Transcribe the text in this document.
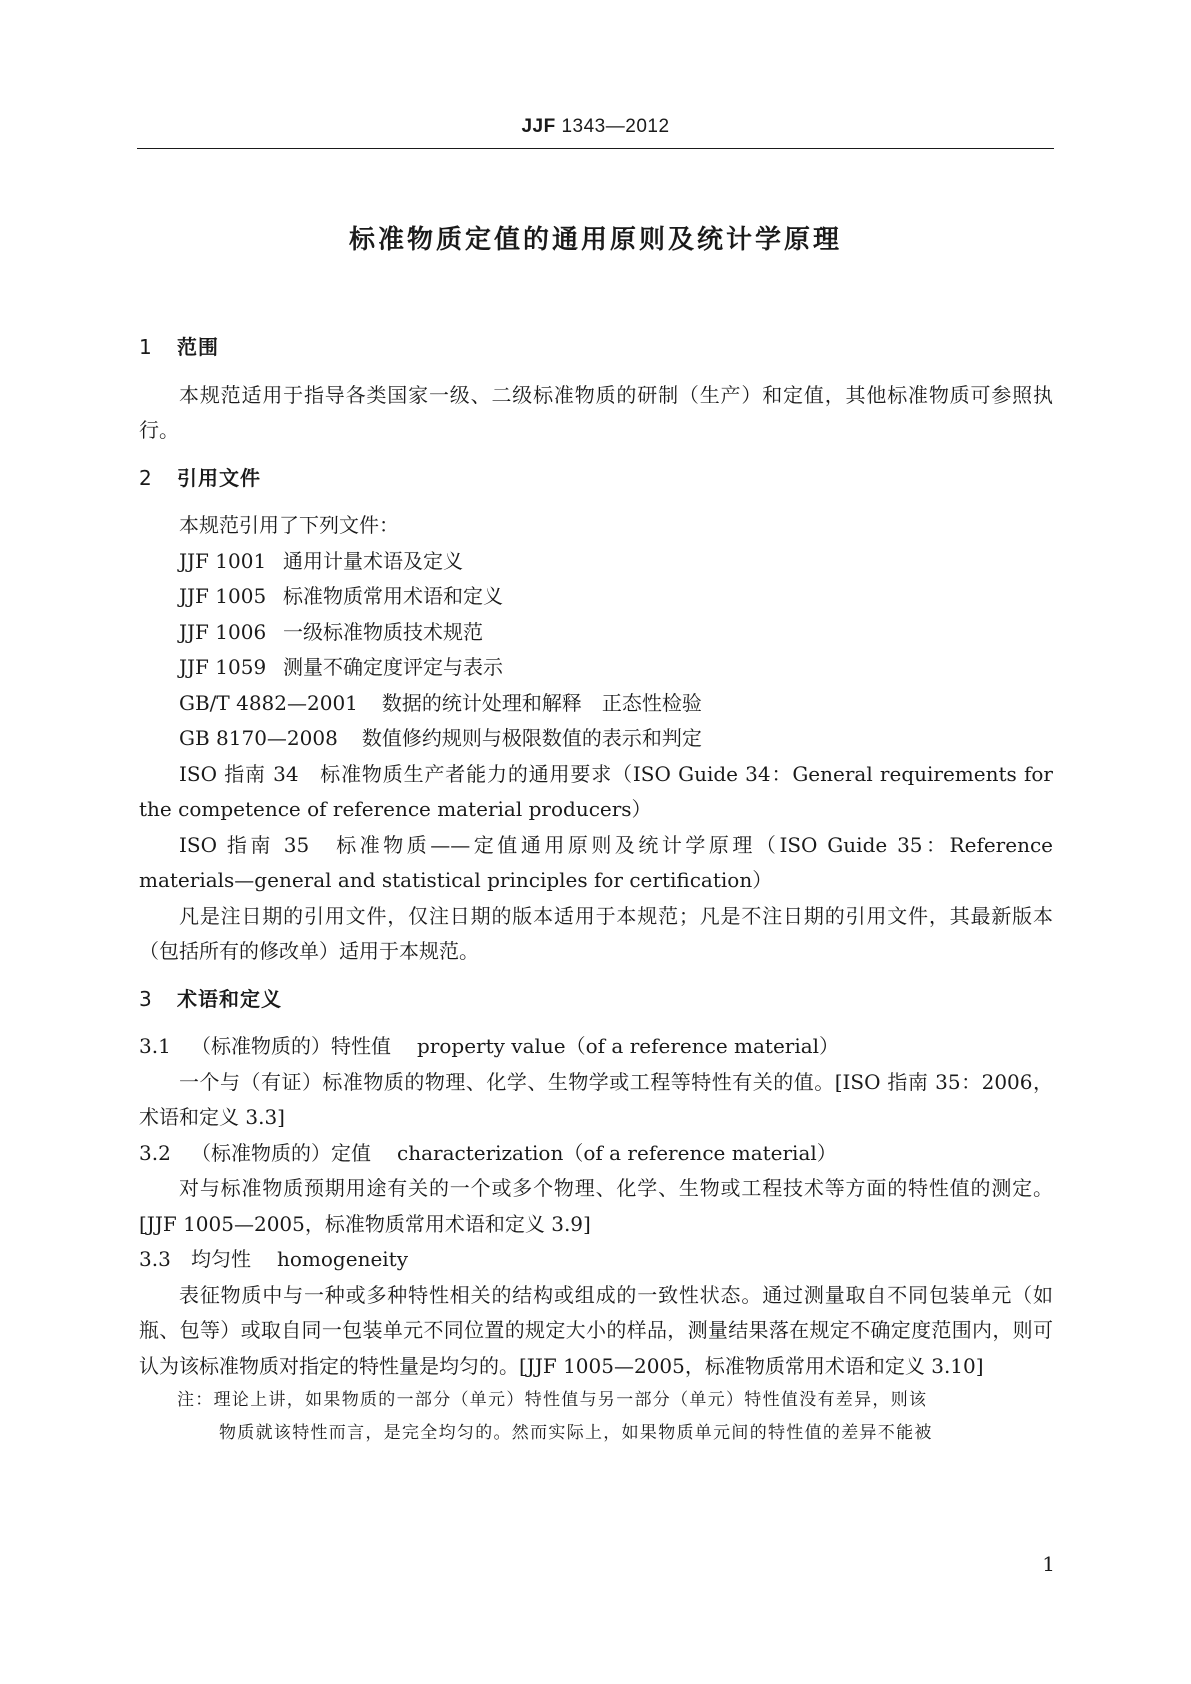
JJF 1343—2012
标准物质定值的通用原则及统计学原理

1 范围

本规范适用于指导各类国家一级、二级标准物质的研制（生产）和定值，其他标准物质可参照执行。

2 引用文件

本规范引用了下列文件：

JJF 1001 通用计量术语及定义

JJF 1005 标准物质常用术语和定义

JJF 1006 一级标准物质技术规范

JJF 1059 测量不确定度评定与表示

GB/T 4882—2001 数据的统计处理和解释　正态性检验

GB 8170—2008 数值修约规则与极限数值的表示和判定

ISO 指南 34　标准物质生产者能力的通用要求（ISO Guide 34：General requirements for the competence of reference material producers）

ISO 指南 35　标准物质——定值通用原则及统计学原理（ISO Guide 35：Reference materials—general and statistical principles for certification）

凡是注日期的引用文件，仅注日期的版本适用于本规范；凡是不注日期的引用文件，其最新版本（包括所有的修改单）适用于本规范。

3 术语和定义

3.1 （标准物质的）特性值 property value（of a reference material）

一个与（有证）标准物质的物理、化学、生物学或工程等特性有关的值。[ISO 指南 35：2006，术语和定义 3.3]

3.2 （标准物质的）定值 characterization（of a reference material）

对与标准物质预期用途有关的一个或多个物理、化学、生物或工程技术等方面的特性值的测定。[JJF 1005—2005，标准物质常用术语和定义 3.9]

3.3 均匀性 homogeneity

表征物质中与一种或多种特性相关的结构或组成的一致性状态。通过测量取自不同包装单元（如瓶、包等）或取自同一包装单元不同位置的规定大小的样品，测量结果落在规定不确定度范围内，则可认为该标准物质对指定的特性量是均匀的。[JJF 1005—2005，标准物质常用术语和定义 3.10]

注：理论上讲，如果物质的一部分（单元）特性值与另一部分（单元）特性值没有差异，则该

物质就该特性而言，是完全均匀的。然而实际上，如果物质单元间的特性值的差异不能被

1
